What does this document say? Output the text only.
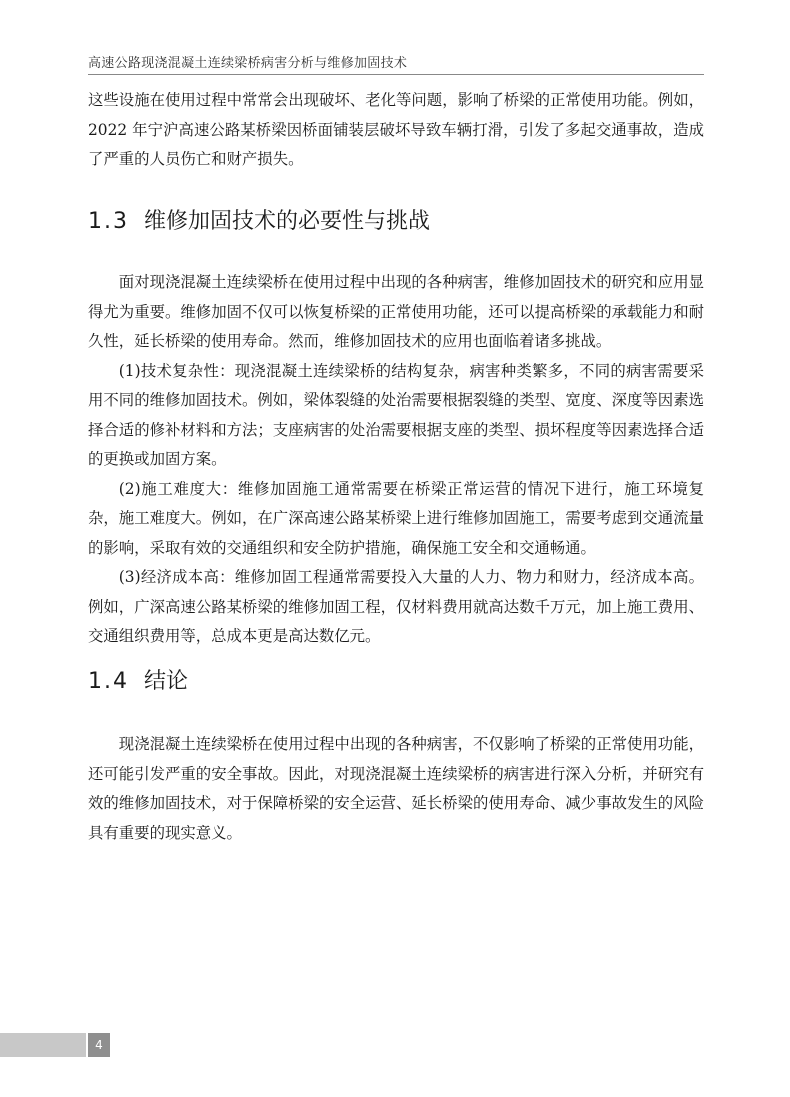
高速公路现浇混凝土连续梁桥病害分析与维修加固技术

这些设施在使用过程中常常会出现破坏、老化等问题，影响了桥梁的正常使用功能。例如，2022 年宁沪高速公路某桥梁因桥面铺装层破坏导致车辆打滑，引发了多起交通事故，造成了严重的人员伤亡和财产损失。

1.3 维修加固技术的必要性与挑战

面对现浇混凝土连续梁桥在使用过程中出现的各种病害，维修加固技术的研究和应用显得尤为重要。维修加固不仅可以恢复桥梁的正常使用功能，还可以提高桥梁的承载能力和耐久性，延长桥梁的使用寿命。然而，维修加固技术的应用也面临着诸多挑战。

(1)技术复杂性：现浇混凝土连续梁桥的结构复杂，病害种类繁多，不同的病害需要采用不同的维修加固技术。例如，梁体裂缝的处治需要根据裂缝的类型、宽度、深度等因素选择合适的修补材料和方法；支座病害的处治需要根据支座的类型、损坏程度等因素选择合适的更换或加固方案。

(2)施工难度大：维修加固施工通常需要在桥梁正常运营的情况下进行，施工环境复杂，施工难度大。例如，在广深高速公路某桥梁上进行维修加固施工，需要考虑到交通流量的影响，采取有效的交通组织和安全防护措施，确保施工安全和交通畅通。

(3)经济成本高：维修加固工程通常需要投入大量的人力、物力和财力，经济成本高。例如，广深高速公路某桥梁的维修加固工程，仅材料费用就高达数千万元，加上施工费用、交通组织费用等，总成本更是高达数亿元。

1.4 结论

现浇混凝土连续梁桥在使用过程中出现的各种病害，不仅影响了桥梁的正常使用功能，还可能引发严重的安全事故。因此，对现浇混凝土连续梁桥的病害进行深入分析，并研究有效的维修加固技术，对于保障桥梁的安全运营、延长桥梁的使用寿命、减少事故发生的风险具有重要的现实意义。

4
